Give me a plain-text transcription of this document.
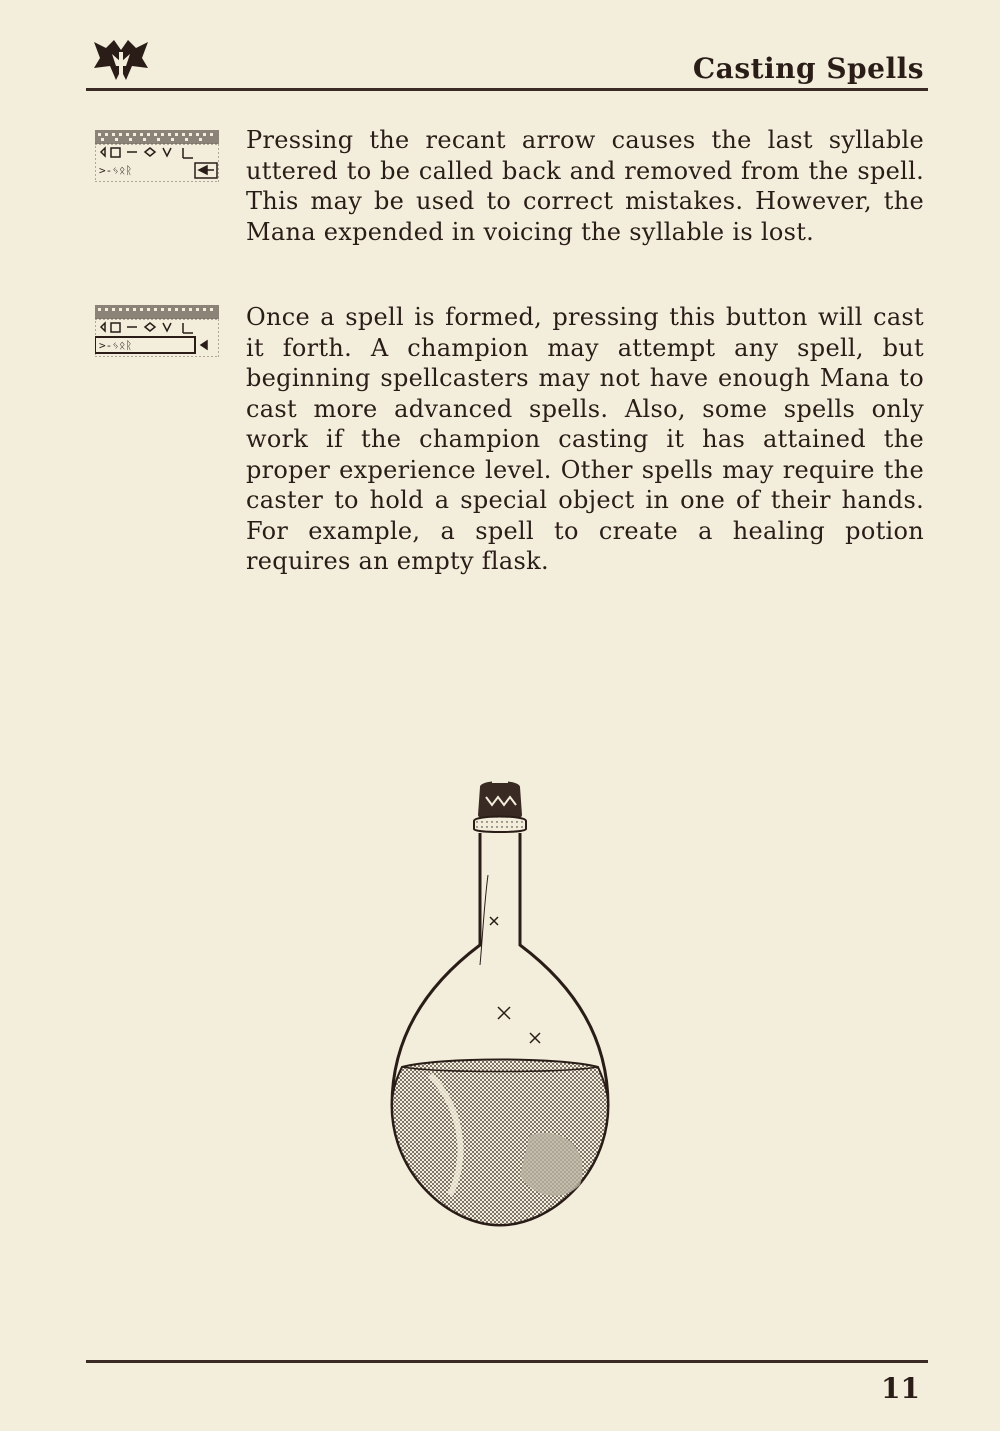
Casting Spells
>-ᛃᛟᚱ
Pressing the recant arrow causes the last syllable uttered to be called back and removed from the spell. This may be used to correct mistakes. However, the Mana expended in voicing the syllable is lost.
>-ᛃᛟᚱ
Once a spell is formed, pressing this button will cast it forth. A champion may attempt any spell, but beginning spellcasters may not have enough Mana to cast more advanced spells. Also, some spells only work if the champion casting it has attained the proper experience level. Other spells may require the caster to hold a special object in one of their hands. For example, a spell to create a healing potion requires an empty flask.
11
